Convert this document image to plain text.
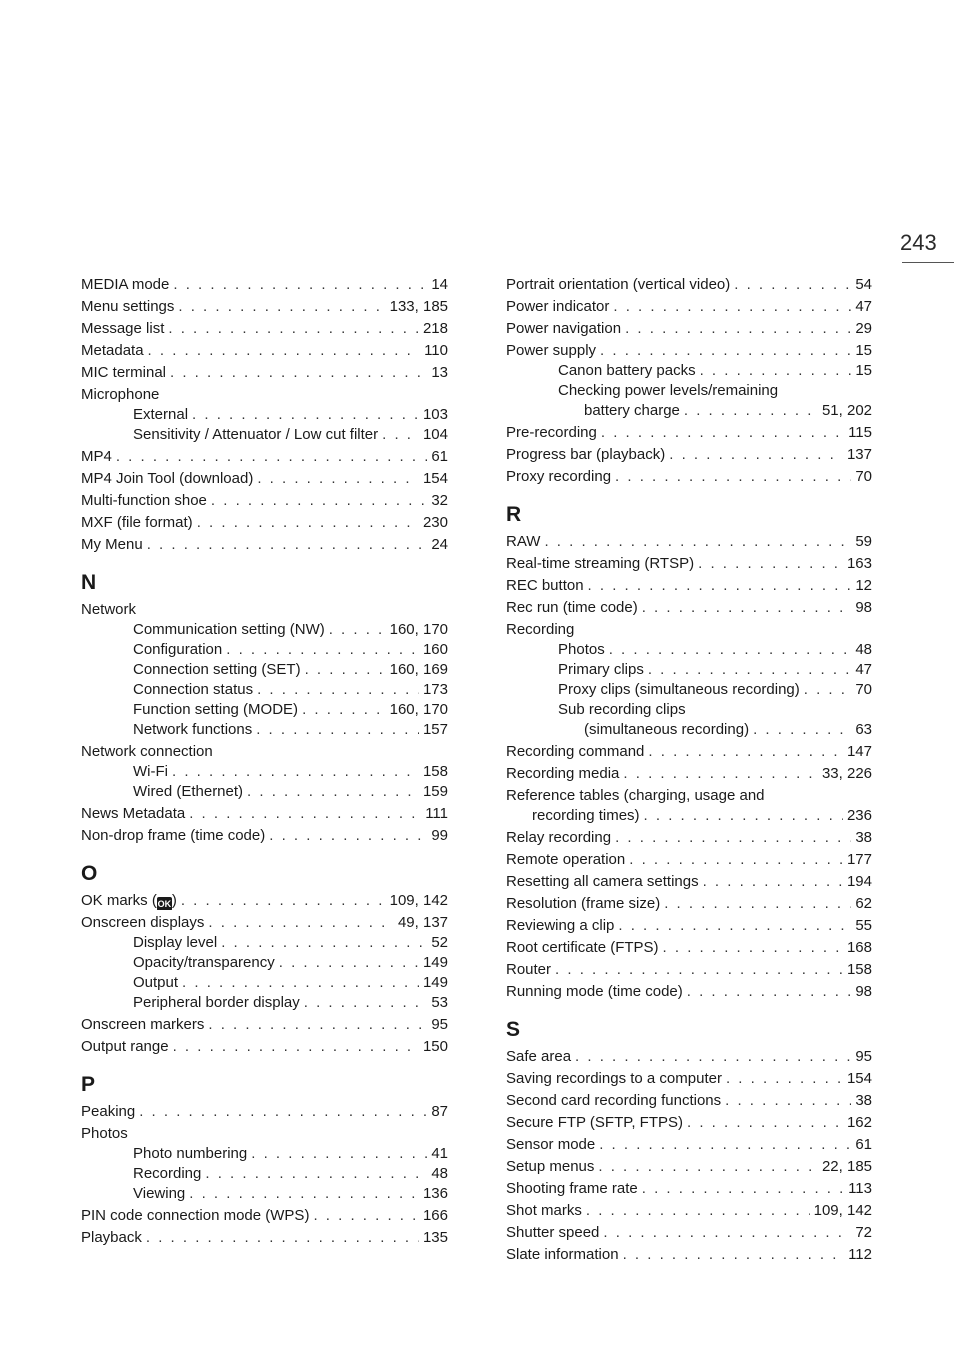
243
MEDIA mode . . .	14
Menu settings . . .	133, 185
Message list . . .	218
Metadata . . .	110
MIC terminal . . .	13
Microphone
External . . .	103
Sensitivity / Attenuator / Low cut filter . . .	104
MP4 . . .	61
MP4 Join Tool (download) . . .	154
Multi-function shoe . . .	32
MXF (file format) . . .	230
My Menu . . .	24
N
Network
Communication setting (NW) . . .	160, 170
Configuration . . .	160
Connection setting (SET) . . .	160, 169
Connection status . . .	173
Function setting (MODE) . . .	160, 170
Network functions . . .	157
Network connection
Wi-Fi . . .	158
Wired (Ethernet) . . .	159
News Metadata . . .	111
Non-drop frame (time code) . . .	99
O
OK marks (OK) . . .	109, 142
Onscreen displays . . .	49, 137
Display level . . .	52
Opacity/transparency . . .	149
Output . . .	149
Peripheral border display . . .	53
Onscreen markers . . .	95
Output range . . .	150
P
Peaking . . .	87
Photos
Photo numbering . . .	41
Recording . . .	48
Viewing . . .	136
PIN code connection mode (WPS) . . .	166
Playback . . .	135
Portrait orientation (vertical video) . . .	54
Power indicator . . .	47
Power navigation . . .	29
Power supply . . .	15
Canon battery packs . . .	15
Checking power levels/remaining
battery charge . . .	51, 202
Pre-recording . . .	115
Progress bar (playback) . . .	137
Proxy recording . . .	70
R
RAW . . .	59
Real-time streaming (RTSP) . . .	163
REC button . . .	12
Rec run (time code) . . .	98
Recording
Photos . . .	48
Primary clips . . .	47
Proxy clips (simultaneous recording) . . .	70
Sub recording clips
(simultaneous recording) . . .	63
Recording command . . .	147
Recording media . . .	33, 226
Reference tables (charging, usage and
recording times) . . .	236
Relay recording . . .	38
Remote operation . . .	177
Resetting all camera settings . . .	194
Resolution (frame size) . . .	62
Reviewing a clip . . .	55
Root certificate (FTPS) . . .	168
Router . . .	158
Running mode (time code) . . .	98
S
Safe area . . .	95
Saving recordings to a computer . . .	154
Second card recording functions . . .	38
Secure FTP (SFTP, FTPS) . . .	162
Sensor mode . . .	61
Setup menus . . .	22, 185
Shooting frame rate . . .	113
Shot marks . . .	109, 142
Shutter speed . . .	72
Slate information . . .	112
